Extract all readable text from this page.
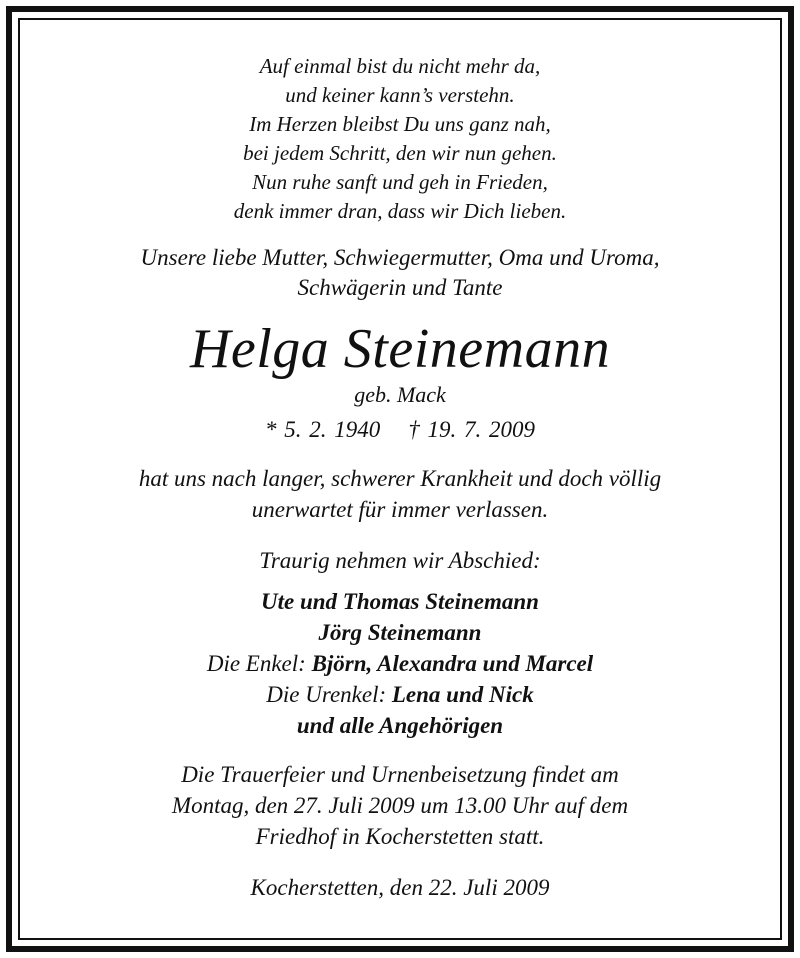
Auf einmal bist du nicht mehr da,
und keiner kann’s verstehn.
Im Herzen bleibst Du uns ganz nah,
bei jedem Schritt, den wir nun gehen.
Nun ruhe sanft und geh in Frieden,
denk immer dran, dass wir Dich lieben.
Unsere liebe Mutter, Schwiegermutter, Oma und Uroma,
Schwägerin und Tante
Helga Steinemann
geb. Mack
* 5. 2. 1940 † 19. 7. 2009
hat uns nach langer, schwerer Krankheit und doch völlig
unerwartet für immer verlassen.
Traurig nehmen wir Abschied:
Ute und Thomas Steinemann
Jörg Steinemann
Die Enkel: Björn, Alexandra und Marcel
Die Urenkel: Lena und Nick
und alle Angehörigen
Die Trauerfeier und Urnenbeisetzung findet am
Montag, den 27. Juli 2009 um 13.00 Uhr auf dem
Friedhof in Kocherstetten statt.
Kocherstetten, den 22. Juli 2009
